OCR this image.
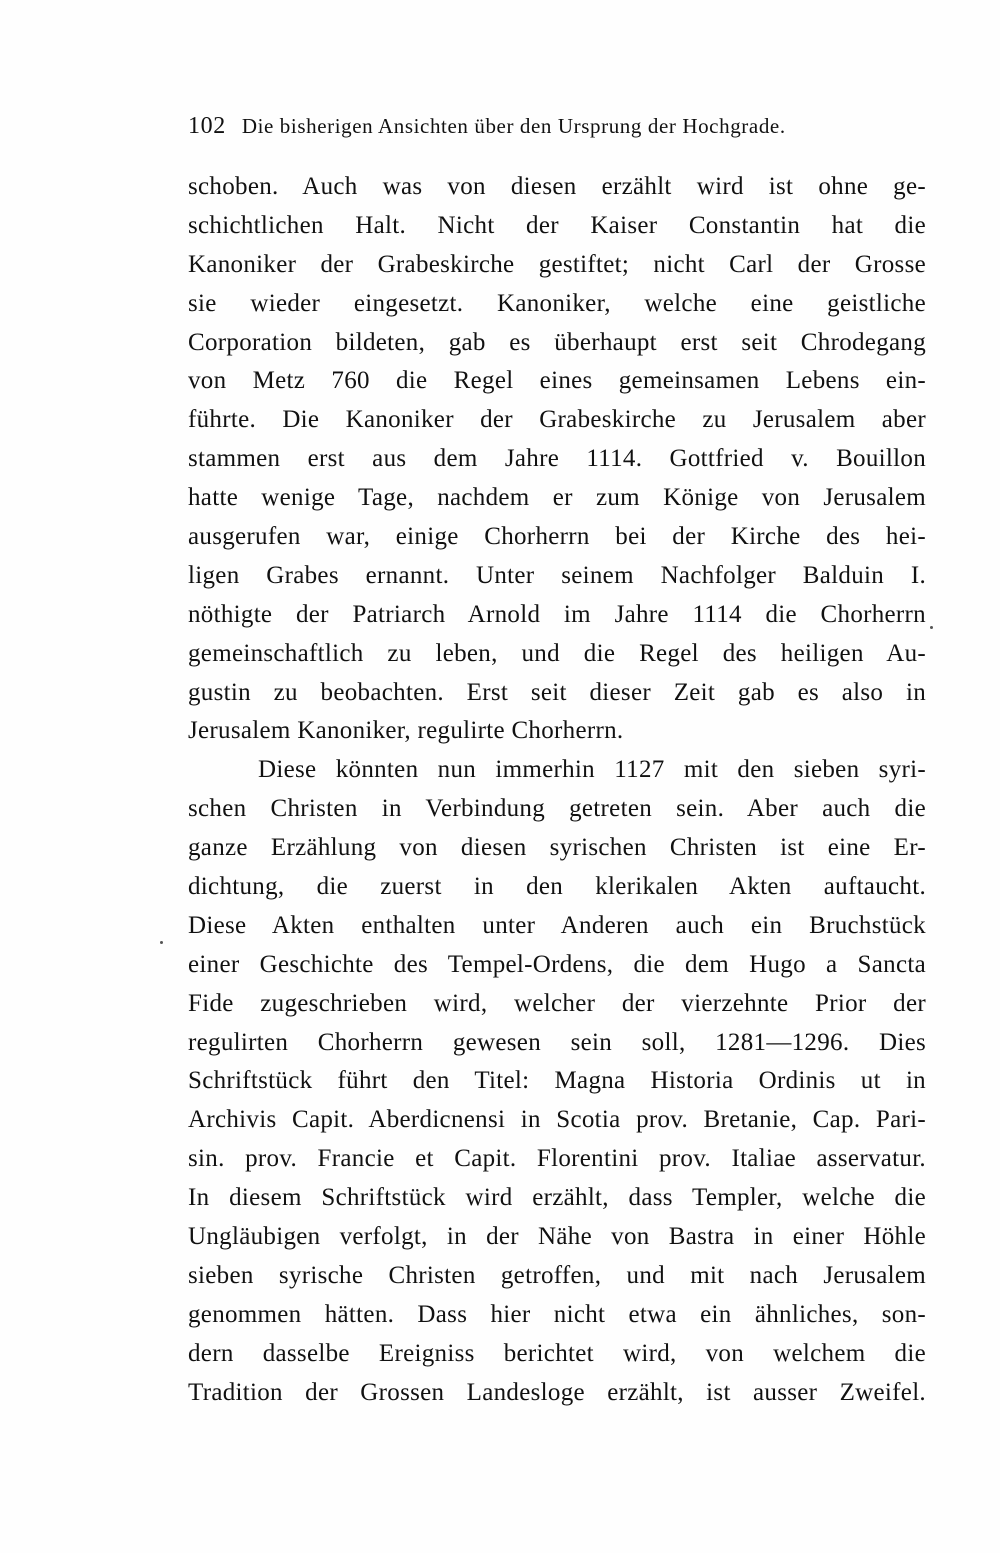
102 Die bisherigen Ansichten über den Ursprung der Hochgrade.
schoben. Auch was von diesen erzählt wird ist ohne ge-
schichtlichen Halt. Nicht der Kaiser Constantin hat die
Kanoniker der Grabeskirche gestiftet; nicht Carl der Grosse
sie wieder eingesetzt. Kanoniker, welche eine geistliche
Corporation bildeten, gab es überhaupt erst seit Chrodegang
von Metz 760 die Regel eines gemeinsamen Lebens ein-
führte. Die Kanoniker der Grabeskirche zu Jerusalem aber
stammen erst aus dem Jahre 1114. Gottfried v. Bouillon
hatte wenige Tage, nachdem er zum Könige von Jerusalem
ausgerufen war, einige Chorherrn bei der Kirche des hei-
ligen Grabes ernannt. Unter seinem Nachfolger Balduin I.
nöthigte der Patriarch Arnold im Jahre 1114 die Chorherrn
gemeinschaftlich zu leben, und die Regel des heiligen Au-
gustin zu beobachten. Erst seit dieser Zeit gab es also in
Jerusalem Kanoniker, regulirte Chorherrn.
Diese könnten nun immerhin 1127 mit den sieben syri-
schen Christen in Verbindung getreten sein. Aber auch die
ganze Erzählung von diesen syrischen Christen ist eine Er-
dichtung, die zuerst in den klerikalen Akten auftaucht.
Diese Akten enthalten unter Anderen auch ein Bruchstück
einer Geschichte des Tempel-Ordens, die dem Hugo a Sancta
Fide zugeschrieben wird, welcher der vierzehnte Prior der
regulirten Chorherrn gewesen sein soll, 1281—1296. Dies
Schriftstück führt den Titel: Magna Historia Ordinis ut in
Archivis Capit. Aberdicnensi in Scotia prov. Bretanie, Cap. Pari-
sin. prov. Francie et Capit. Florentini prov. Italiae asservatur.
In diesem Schriftstück wird erzählt, dass Templer, welche die
Ungläubigen verfolgt, in der Nähe von Bastra in einer Höhle
sieben syrische Christen getroffen, und mit nach Jerusalem
genommen hätten. Dass hier nicht etwa ein ähnliches, son-
dern dasselbe Ereigniss berichtet wird, von welchem die
Tradition der Grossen Landesloge erzählt, ist ausser Zweifel.
